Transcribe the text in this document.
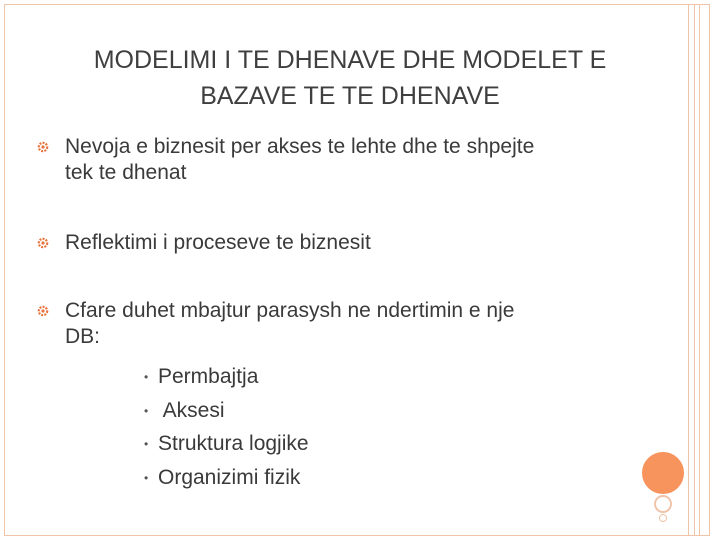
MODELIMI I TE DHENAVE DHE MODELET E
BAZAVE TE TE DHENAVE
Nevoja e biznesit per akses te lehte dhe te shpejte
tek te dhenat
Reflektimi i proceseve te biznesit
Cfare duhet mbajtur parasysh ne ndertimin e nje
DB:
• Permbajtja
• Aksesi
• Struktura logjike
• Organizimi fizik
